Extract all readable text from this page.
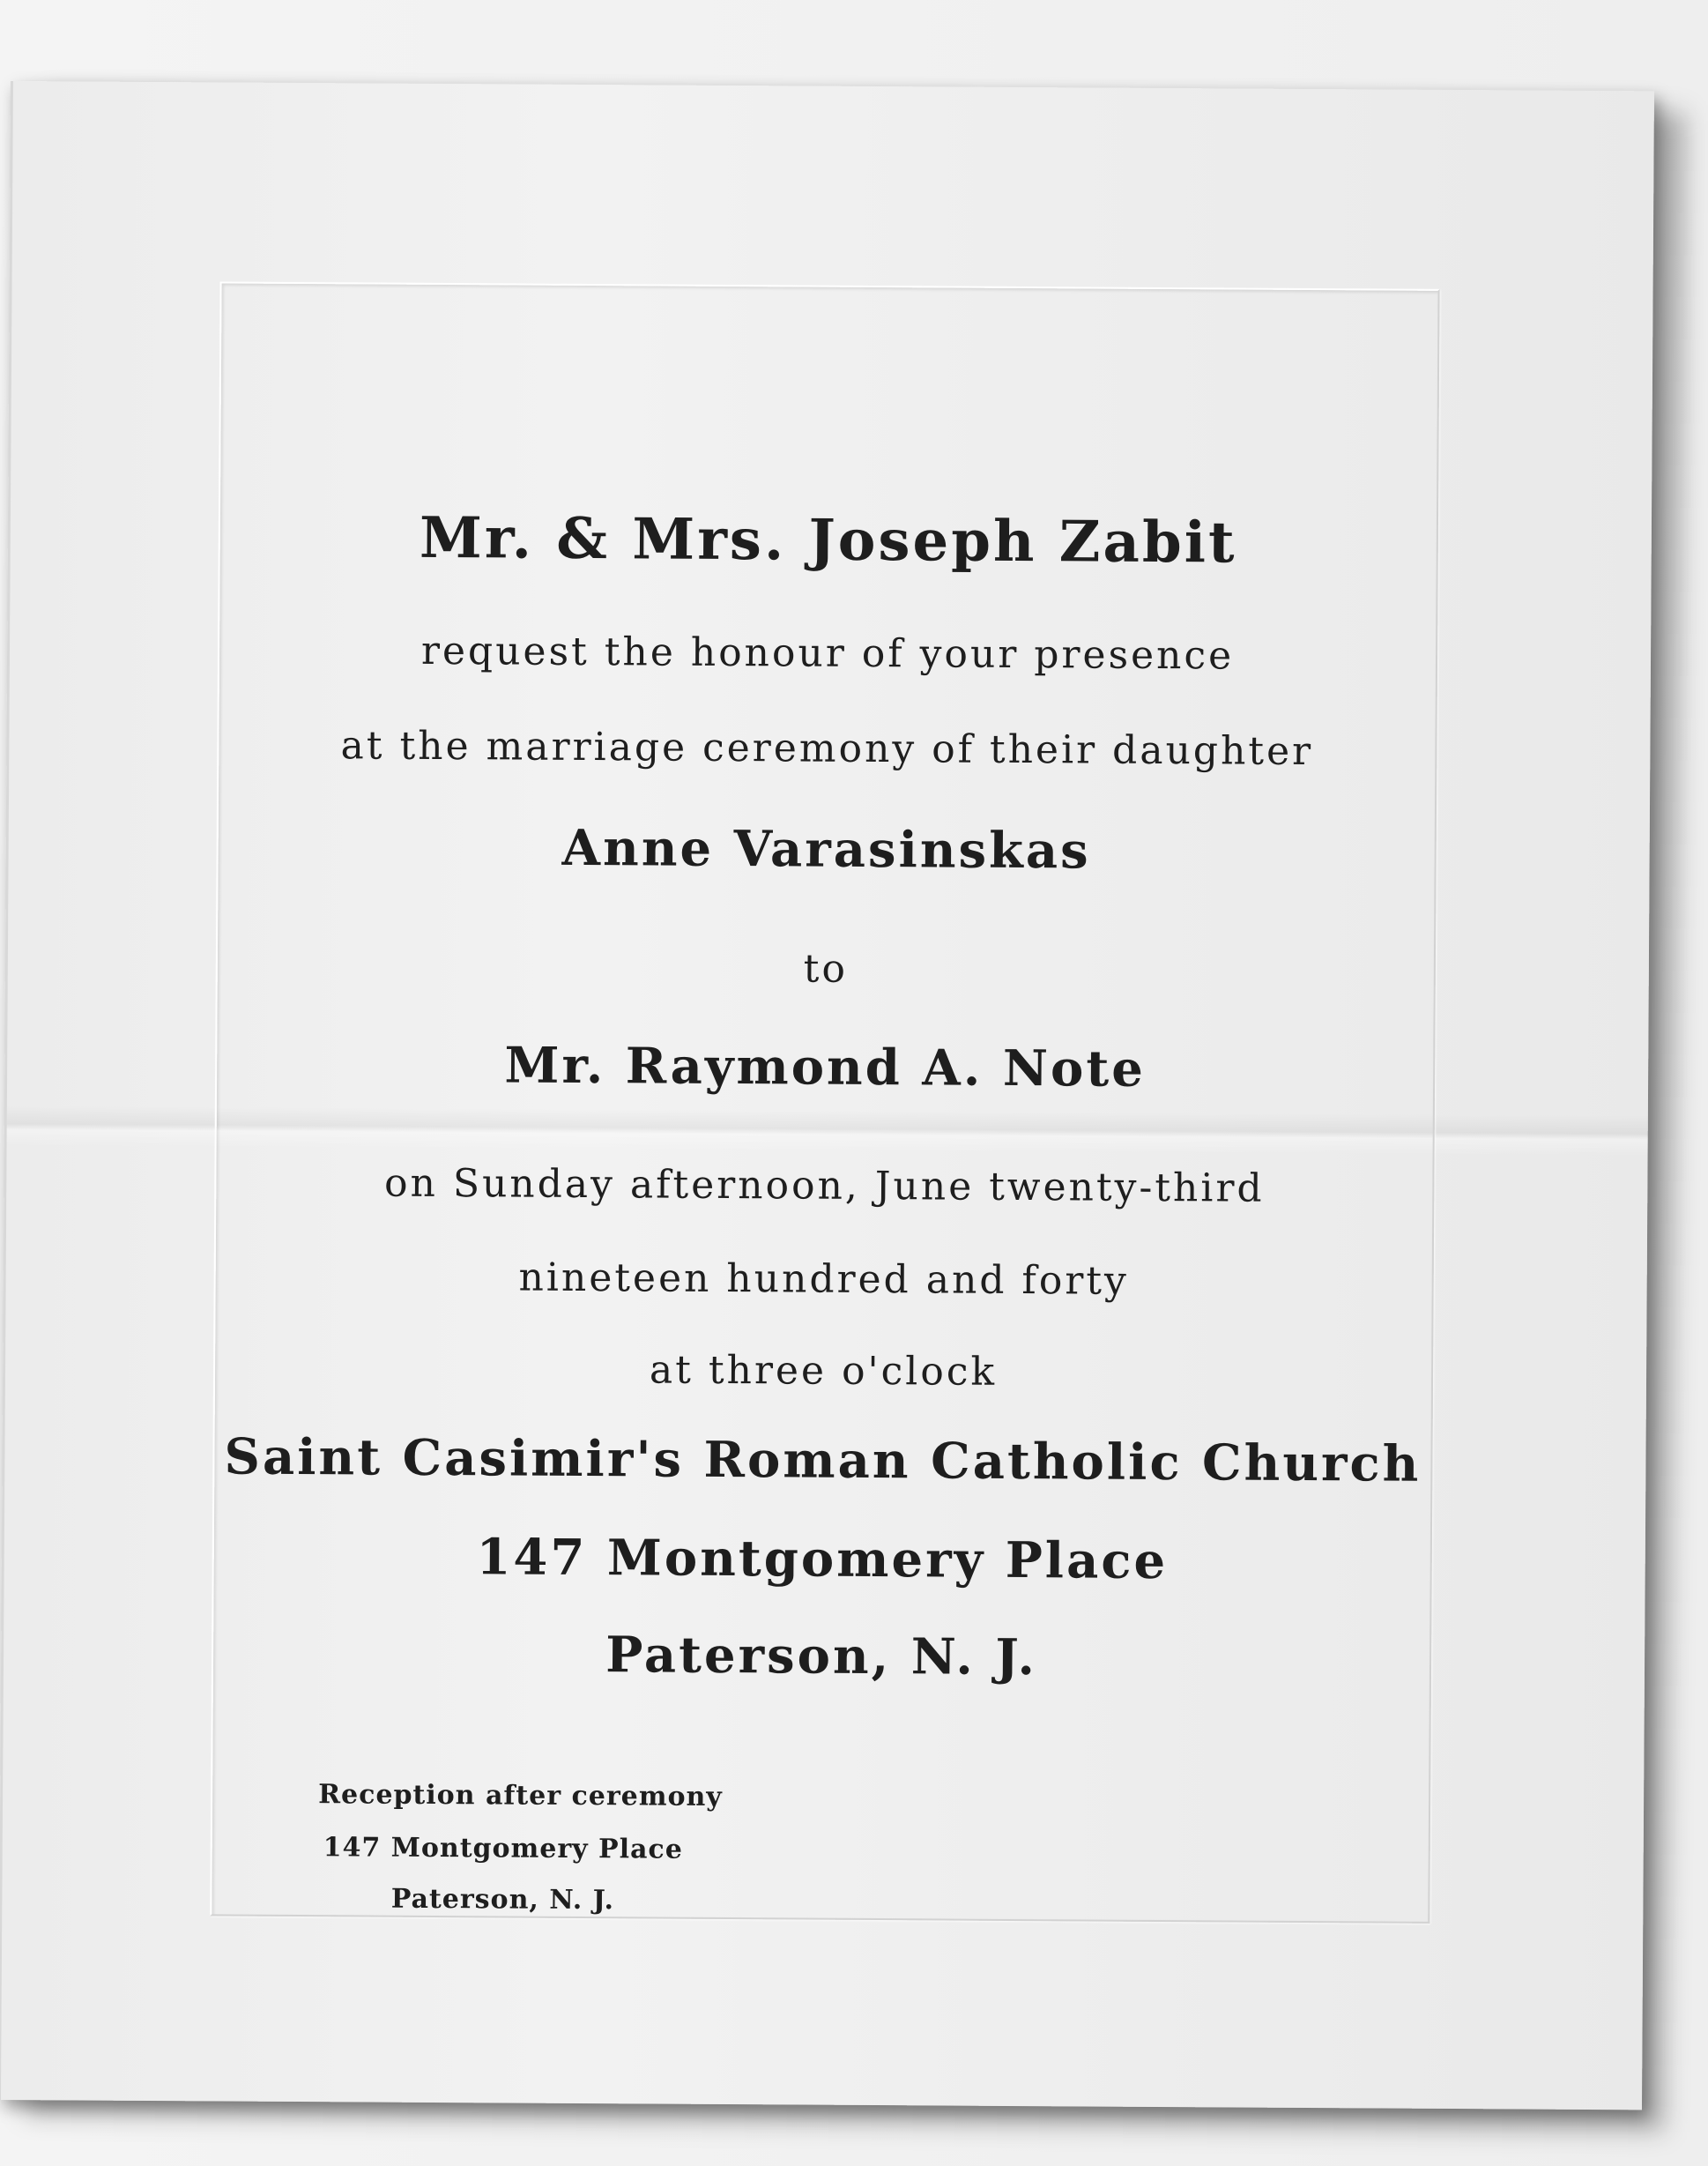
Mr. & Mrs. Joseph Zabit
request the honour of your presence
at the marriage ceremony of their daughter
Anne Varasinskas
to
Mr. Raymond A. Note
on Sunday afternoon, June twenty-third
nineteen hundred and forty
at three o'clock
Saint Casimir's Roman Catholic Church
147 Montgomery Place
Paterson, N. J.
Reception after ceremony
147 Montgomery Place
Paterson, N. J.
